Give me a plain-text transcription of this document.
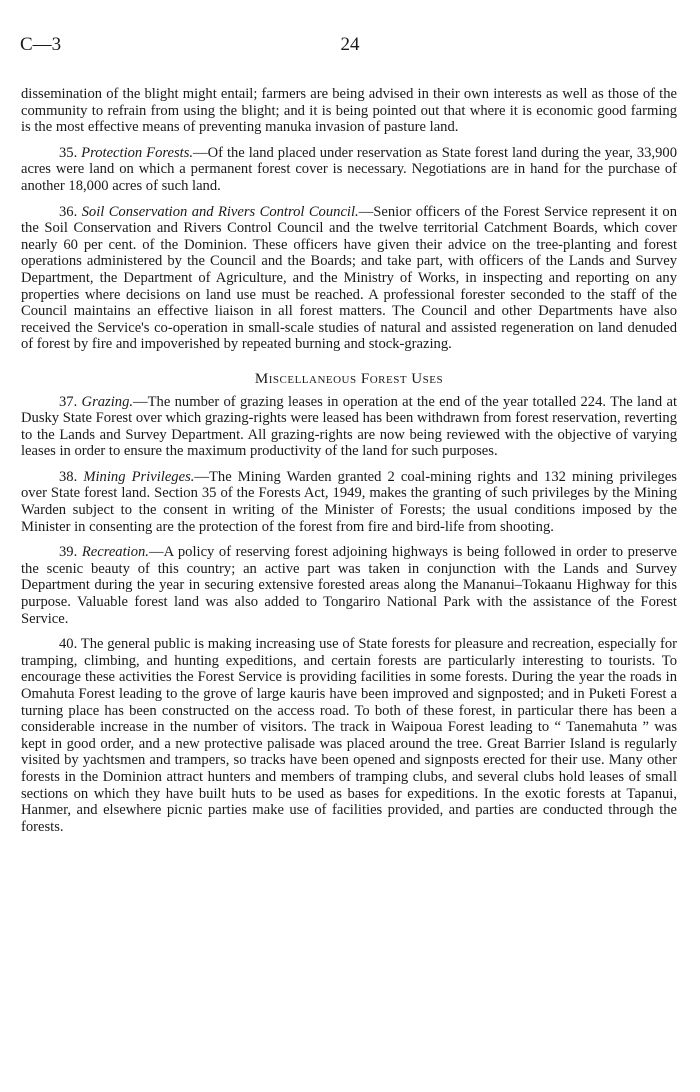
C—3	24

dissemination of the blight might entail; farmers are being advised in their own interests as well as those of the community to refrain from using the blight; and it is being pointed out that where it is economic good farming is the most effective means of preventing manuka invasion of pasture land.

35. Protection Forests.—Of the land placed under reservation as State forest land during the year, 33,900 acres were land on which a permanent forest cover is necessary. Negotiations are in hand for the purchase of another 18,000 acres of such land.

36. Soil Conservation and Rivers Control Council.—Senior officers of the Forest Service represent it on the Soil Conservation and Rivers Control Council and the twelve territorial Catchment Boards, which cover nearly 60 per cent. of the Dominion. These officers have given their advice on the tree-planting and forest operations administered by the Council and the Boards; and take part, with officers of the Lands and Survey Department, the Department of Agriculture, and the Ministry of Works, in inspecting and reporting on any properties where decisions on land use must be reached. A professional forester seconded to the staff of the Council maintains an effective liaison in all forest matters. The Council and other Departments have also received the Service's co-operation in small-scale studies of natural and assisted regeneration on land denuded of forest by fire and impoverished by repeated burning and stock-grazing.

Miscellaneous Forest Uses

37. Grazing.—The number of grazing leases in operation at the end of the year totalled 224. The land at Dusky State Forest over which grazing-rights were leased has been withdrawn from forest reservation, reverting to the Lands and Survey Department. All grazing-rights are now being reviewed with the objective of varying leases in order to ensure the maximum productivity of the land for such purposes.

38. Mining Privileges.—The Mining Warden granted 2 coal-mining rights and 132 mining privileges over State forest land. Section 35 of the Forests Act, 1949, makes the granting of such privileges by the Mining Warden subject to the consent in writing of the Minister of Forests; the usual conditions imposed by the Minister in consenting are the protection of the forest from fire and bird-life from shooting.

39. Recreation.—A policy of reserving forest adjoining highways is being followed in order to preserve the scenic beauty of this country; an active part was taken in conjunction with the Lands and Survey Department during the year in securing extensive forested areas along the Mananui–Tokaanu Highway for this purpose. Valuable forest land was also added to Tongariro National Park with the assistance of the Forest Service.

40. The general public is making increasing use of State forests for pleasure and recreation, especially for tramping, climbing, and hunting expeditions, and certain forests are particularly interesting to tourists. To encourage these activities the Forest Service is providing facilities in some forests. During the year the roads in Omahuta Forest leading to the grove of large kauris have been improved and signposted; and in Puketi Forest a turning place has been constructed on the access road. To both of these forest, in particular there has been a considerable increase in the number of visitors. The track in Waipoua Forest leading to “ Tanemahuta ” was kept in good order, and a new protective palisade was placed around the tree. Great Barrier Island is regularly visited by yachtsmen and trampers, so tracks have been opened and signposts erected for their use. Many other forests in the Dominion attract hunters and members of tramping clubs, and several clubs hold leases of small sections on which they have built huts to be used as bases for expeditions. In the exotic forests at Tapanui, Hanmer, and elsewhere picnic parties make use of facilities provided, and parties are conducted through the forests.
